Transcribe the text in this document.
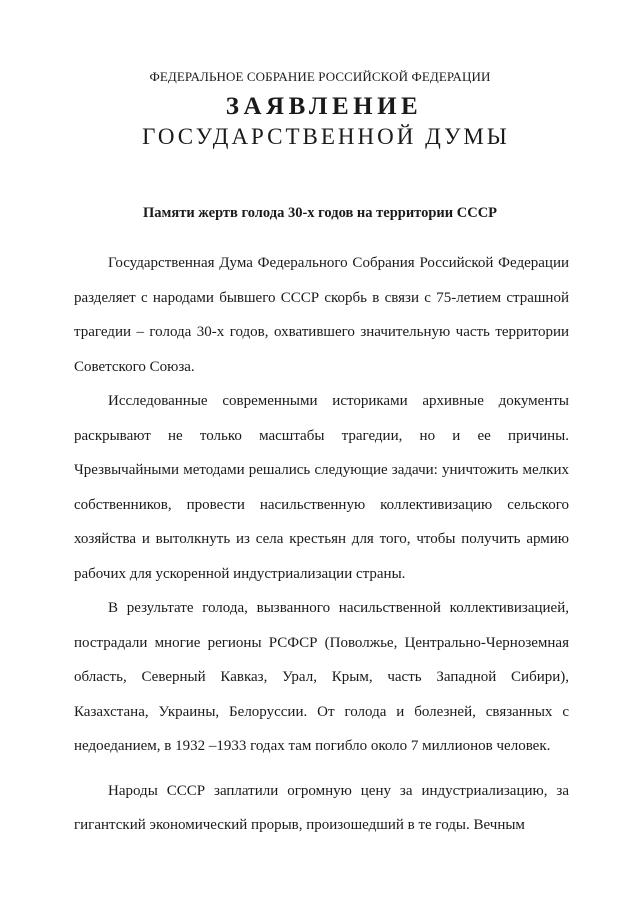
ФЕДЕРАЛЬНОЕ СОБРАНИЕ РОССИЙСКОЙ ФЕДЕРАЦИИ
ЗАЯВЛЕНИЕ
ГОСУДАРСТВЕННОЙ ДУМЫ
Памяти жертв голода 30-х годов на территории СССР

Государственная Дума Федерального Собрания Российской Федерации разделяет с народами бывшего СССР скорбь в связи с 75-летием страшной трагедии – голода 30-х годов, охватившего значительную часть территории Советского Союза.

Исследованные современными историками архивные документы раскрывают не только масштабы трагедии, но и ее причины. Чрезвычайными методами решались следующие задачи: уничтожить мелких собственников, провести насильственную коллективизацию сельского хозяйства и вытолкнуть из села крестьян для того, чтобы получить армию рабочих для ускоренной индустриализации страны.

В результате голода, вызванного насильственной коллективизацией, пострадали многие регионы РСФСР (Поволжье, Центрально-Черноземная область, Северный Кавказ, Урал, Крым, часть Западной Сибири), Казахстана, Украины, Белоруссии. От голода и болезней, связанных с недоеданием, в 1932 –1933 годах там погибло около 7 миллионов человек.

Народы СССР заплатили огромную цену за индустриализацию, за гигантский экономический прорыв, произошедший в те годы. Вечным
